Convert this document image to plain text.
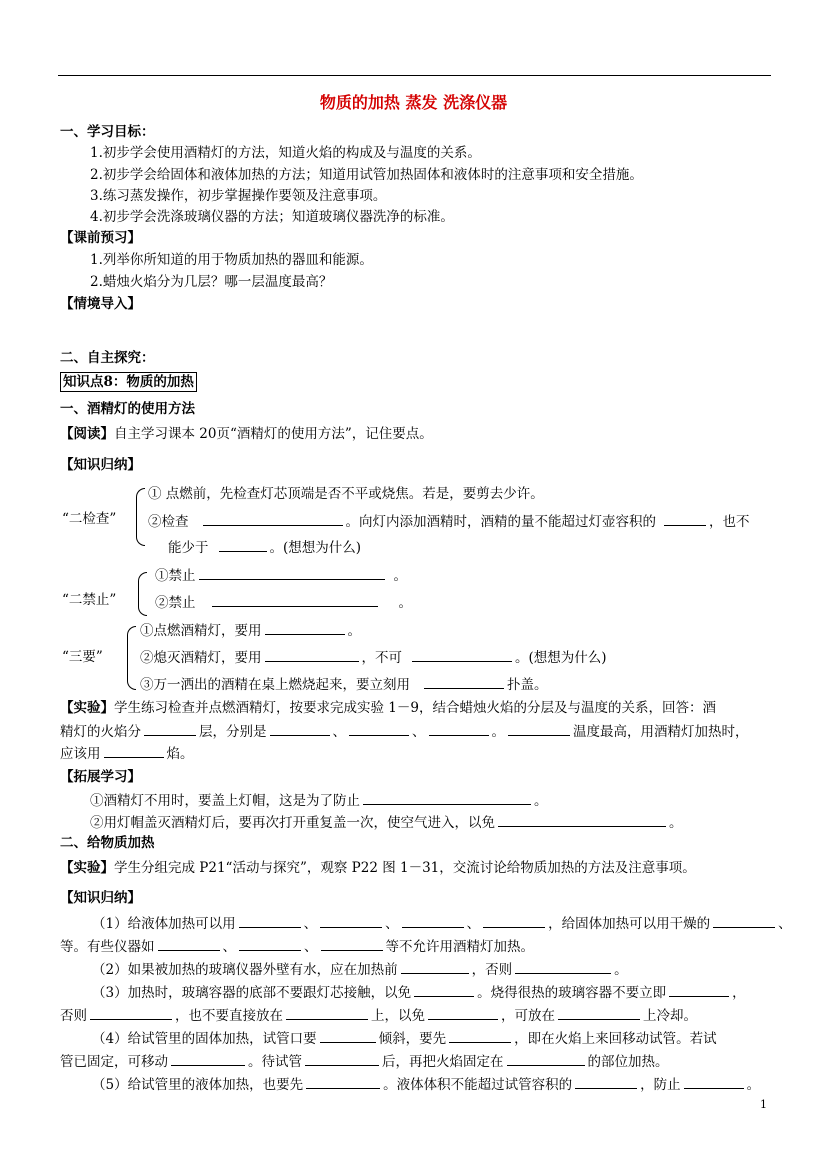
物质的加热 蒸发 洗涤仪器
一、学习目标：
1.初步学会使用酒精灯的方法，知道火焰的构成及与温度的关系。
2.初步学会给固体和液体加热的方法；知道用试管加热固体和液体时的注意事项和安全措施。
3.练习蒸发操作，初步掌握操作要领及注意事项。
4.初步学会洗涤玻璃仪器的方法；知道玻璃仪器洗净的标准。
【课前预习】
1.列举你所知道的用于物质加热的器皿和能源。
2.蜡烛火焰分为几层？哪一层温度最高？
【情境导入】
二、自主探究：
知识点8：物质的加热
一、酒精灯的使用方法
【阅读】自主学习课本 20页“酒精灯的使用方法”，记住要点。
【知识归纳】
“二检查”
① 点燃前，先检查灯芯顶端是否不平或烧焦。若是，要剪去少许。
②检查	。向灯内添加酒精时，酒精的量不能超过灯壶容积的	，也不
能少于	。(想想为什么)
“二禁止”
①禁止	。
②禁止	。
“三要”
①点燃酒精灯，要用	。
②熄灭酒精灯，要用	，不可	。(想想为什么)
③万一洒出的酒精在桌上燃烧起来，要立刻用	扑盖。
【实验】学生练习检查并点燃酒精灯，按要求完成实验 1－9，结合蜡烛火焰的分层及与温度的关系，回答：酒
精灯的火焰分	层，分别是	、	、	。	温度最高，用酒精灯加热时，
应该用	焰。
【拓展学习】
①酒精灯不用时，要盖上灯帽，这是为了防止	。
②用灯帽盖灭酒精灯后，要再次打开重复盖一次，使空气进入，以免	。
二、给物质加热
【实验】学生分组完成 P21“活动与探究”，观察 P22 图 1－31，交流讨论给物质加热的方法及注意事项。
【知识归纳】
（1）给液体加热可以用	、	、	、	，给固体加热可以用干燥的	、
等。有些仪器如	、	、	等不允许用酒精灯加热。
（2）如果被加热的玻璃仪器外壁有水，应在加热前	，否则	。
（3）加热时，玻璃容器的底部不要跟灯芯接触，以免	。烧得很热的玻璃容器不要立即	，
否则	，也不要直接放在	上，以免	，可放在	上冷却。
（4）给试管里的固体加热，试管口要	倾斜，要先	，即在火焰上来回移动试管。若试
管已固定，可移动	。待试管	后，再把火焰固定在	的部位加热。
（5）给试管里的液体加热，也要先	。液体体积不能超过试管容积的	，防止	。
1
